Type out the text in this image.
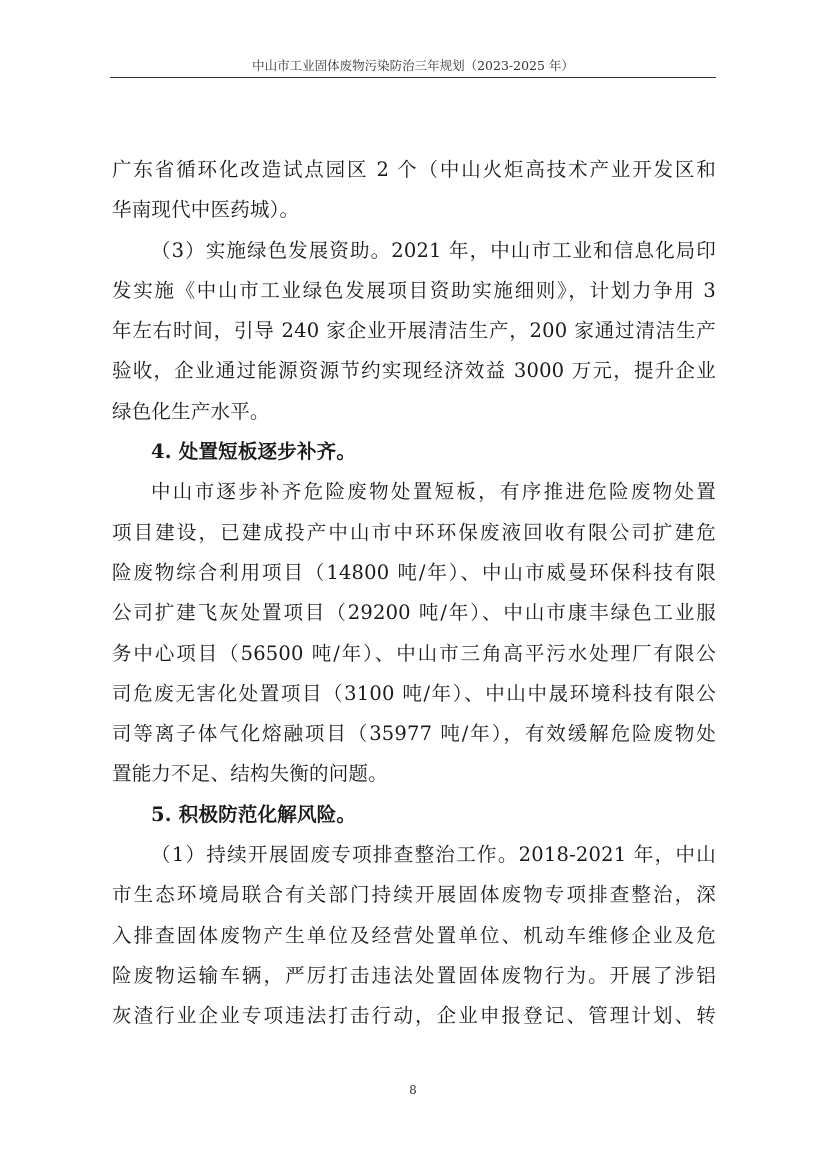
中山市工业固体废物污染防治三年规划（2023-2025 年）
广东省循环化改造试点园区 2 个（中山火炬高技术产业开发区和
华南现代中医药城）。
（3）实施绿色发展资助。2021 年，中山市工业和信息化局印
发实施《中山市工业绿色发展项目资助实施细则》，计划力争用 3
年左右时间，引导 240 家企业开展清洁生产，200 家通过清洁生产
验收，企业通过能源资源节约实现经济效益 3000 万元，提升企业
绿色化生产水平。
4. 处置短板逐步补齐。
中山市逐步补齐危险废物处置短板，有序推进危险废物处置
项目建设，已建成投产中山市中环环保废液回收有限公司扩建危
险废物综合利用项目（14800 吨/年）、中山市威曼环保科技有限
公司扩建飞灰处置项目（29200 吨/年）、中山市康丰绿色工业服
务中心项目（56500 吨/年）、中山市三角高平污水处理厂有限公
司危废无害化处置项目（3100 吨/年）、中山中晟环境科技有限公
司等离子体气化熔融项目（35977 吨/年），有效缓解危险废物处
置能力不足、结构失衡的问题。
5. 积极防范化解风险。
（1）持续开展固废专项排查整治工作。2018-2021 年，中山
市生态环境局联合有关部门持续开展固体废物专项排查整治，深
入排查固体废物产生单位及经营处置单位、机动车维修企业及危
险废物运输车辆，严厉打击违法处置固体废物行为。开展了涉铝
灰渣行业企业专项违法打击行动，企业申报登记、管理计划、转
8
